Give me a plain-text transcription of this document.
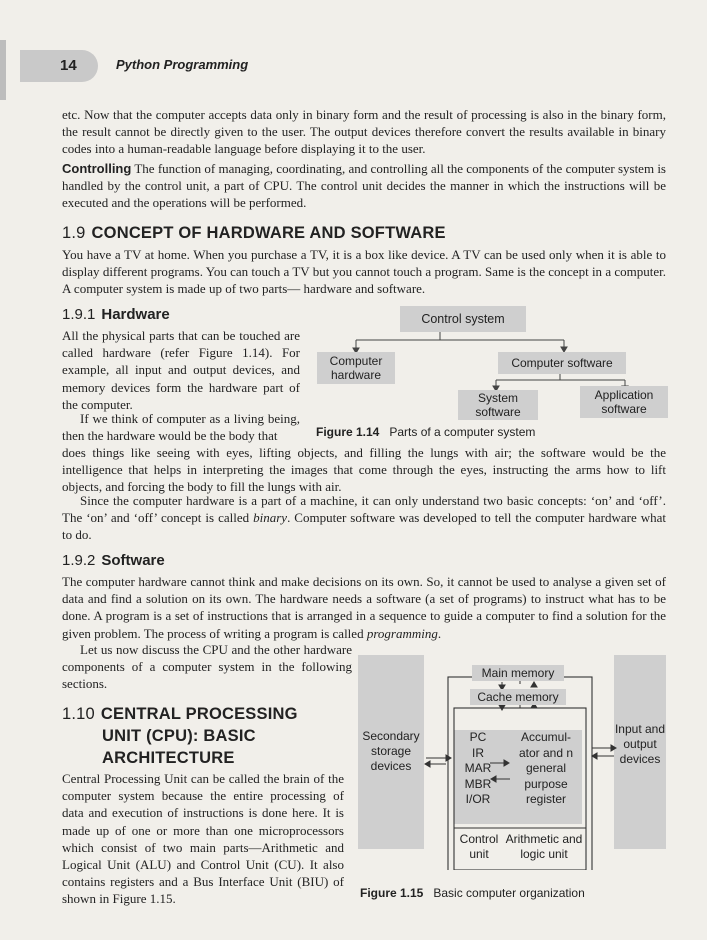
14	Python Programming
etc. Now that the computer accepts data only in binary form and the result of processing is also in the binary form, the result cannot be directly given to the user. The output devices therefore convert the results available in binary codes into a human-readable language before displaying it to the user.
Controlling The function of managing, coordinating, and controlling all the components of the computer system is handled by the control unit, a part of CPU. The control unit decides the manner in which the instructions will be executed and the operations will be performed.
1.9 CONCEPT OF HARDWARE AND SOFTWARE
You have a TV at home. When you purchase a TV, it is a box like device. A TV can be used only when it is able to display different programs. You can touch a TV but you cannot touch a program. Same is the concept in a computer. A computer system is made up of two parts— hardware and software.
1.9.1 Hardware
All the physical parts that can be touched are called hardware (refer Figure 1.14). For example, all input and output devices, and memory devices form the hardware part of the computer.
If we think of computer as a living being, then the hardware would be the body that
does things like seeing with eyes, lifting objects, and filling the lungs with air; the software would be the intelligence that helps in interpreting the images that come through the eyes, instructing the arms how to lift objects, and forcing the body to fill the lungs with air.
Since the computer hardware is a part of a machine, it can only understand two basic concepts: ‘on’ and ‘off’. The ‘on’ and ‘off’ concept is called binary. Computer software was developed to tell the computer hardware what to do.
Control system
Computer hardware
Computer software
System software
Application software
Figure 1.14 Parts of a computer system
1.9.2 Software
The computer hardware cannot think and make decisions on its own. So, it cannot be used to analyse a given set of data and find a solution on its own. The hardware needs a software (a set of programs) to instruct what has to be done. A program is a set of instructions that is arranged in a sequence to guide a computer to find a solution for the given problem. The process of writing a program is called programming.
Let us now discuss the CPU and the other hardware components of a computer system in the following sections.
1.10 CENTRAL PROCESSING
UNIT (CPU): BASIC
ARCHITECTURE
Central Processing Unit can be called the brain of the computer system because the entire processing of data and execution of instructions is done here. It is made up of one or more than one microprocessors which consist of two main parts—Arithmetic and Logical Unit (ALU) and Control Unit (CU). It also contains registers and a Bus Interface Unit (BIU) of shown in Figure 1.15.
Main memory
Cache memory
Secondary storage devices
Input and output devices
PC
IR
MAR
MBR
I/OR
Accumul- ator and n general purpose register
Control unit
Arithmetic and logic unit
Figure 1.15 Basic computer organization
